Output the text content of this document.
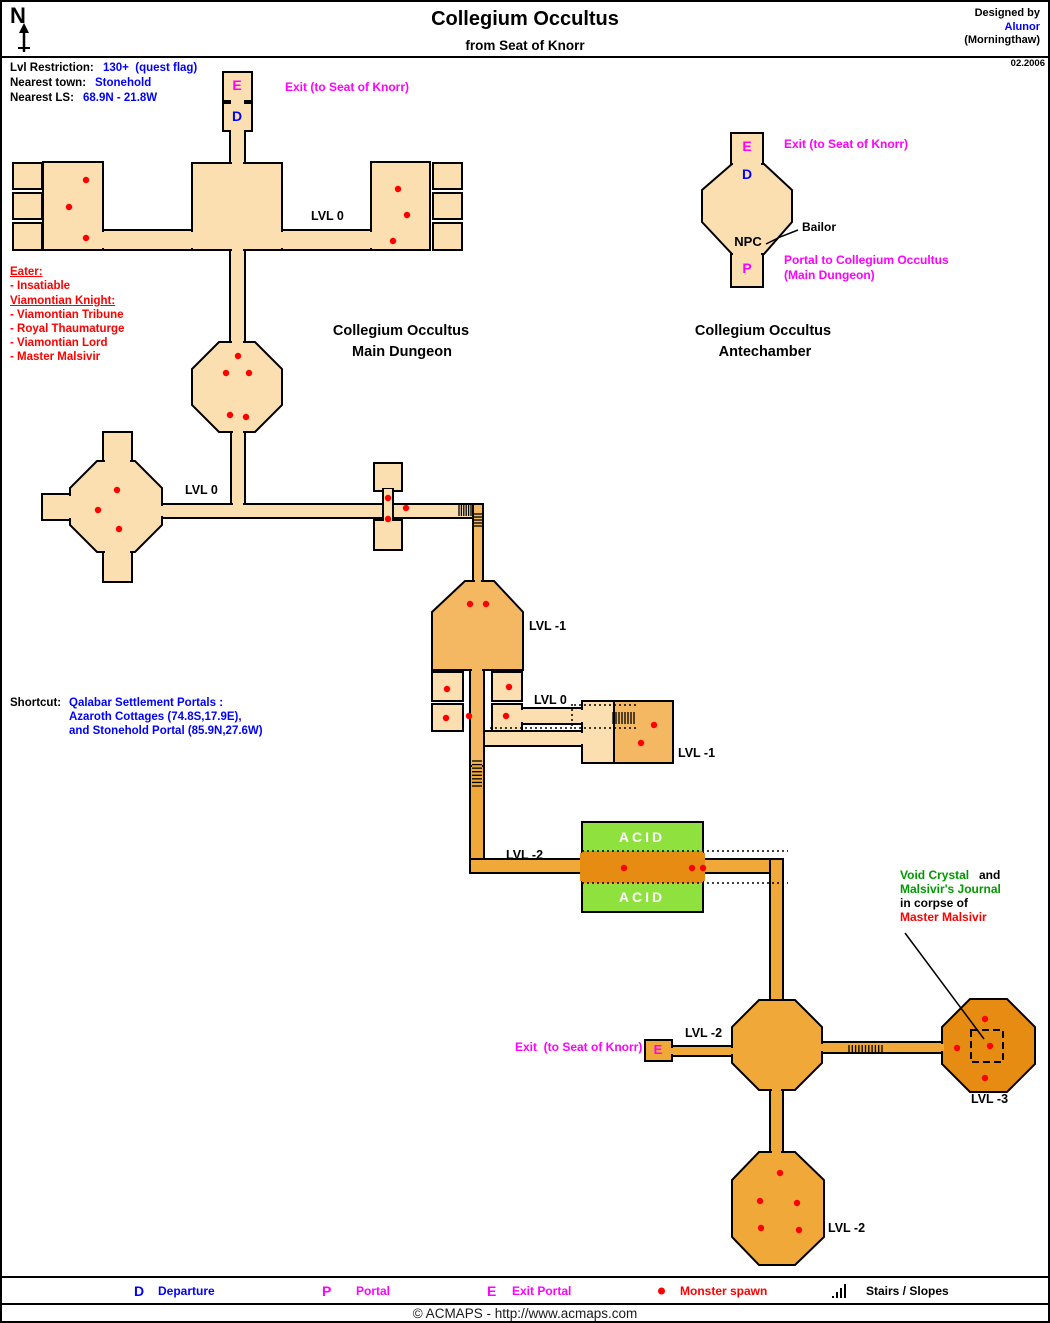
N	Collegium Occultus
from Seat of Knorr
Designed by
Alunor
(Morningthaw)
D Departure	P Portal	E Exit Portal	Monster spawn	Stairs / Slopes
© ACMAPS - http://www.acmaps.com
Lvl Restriction: 130+  (quest flag)
Nearest town: Stonehold
Nearest LS: 68.9N - 21.8W
E
D
Exit (to Seat of Knorr)
LVL 0
Eater:
- Insatiable
Viamontian Knight:
- Viamontian Tribune
- Royal Thaumaturge
- Viamontian Lord
- Master Malsivir
Collegium Occultus
Main Dungeon
Collegium Occultus
Antechamber
E	Exit (to Seat of Knorr)
D
NPC
Bailor
P	Portal to Collegium Occultus
(Main Dungeon)
LVL 0
LVL -1
Shortcut: Qalabar Settlement Portals :
Azaroth Cottages (74.8S,17.9E),
and Stonehold Portal (85.9N,27.6W)
LVL 0
LVL -1
LVL -2
ACID
ACID
Void Crystal and
Malsivir's Journal
in corpse of
Master Malsivir
Exit  (to Seat of Knorr) E
LVL -2
LVL -3
LVL -2
02.2006
